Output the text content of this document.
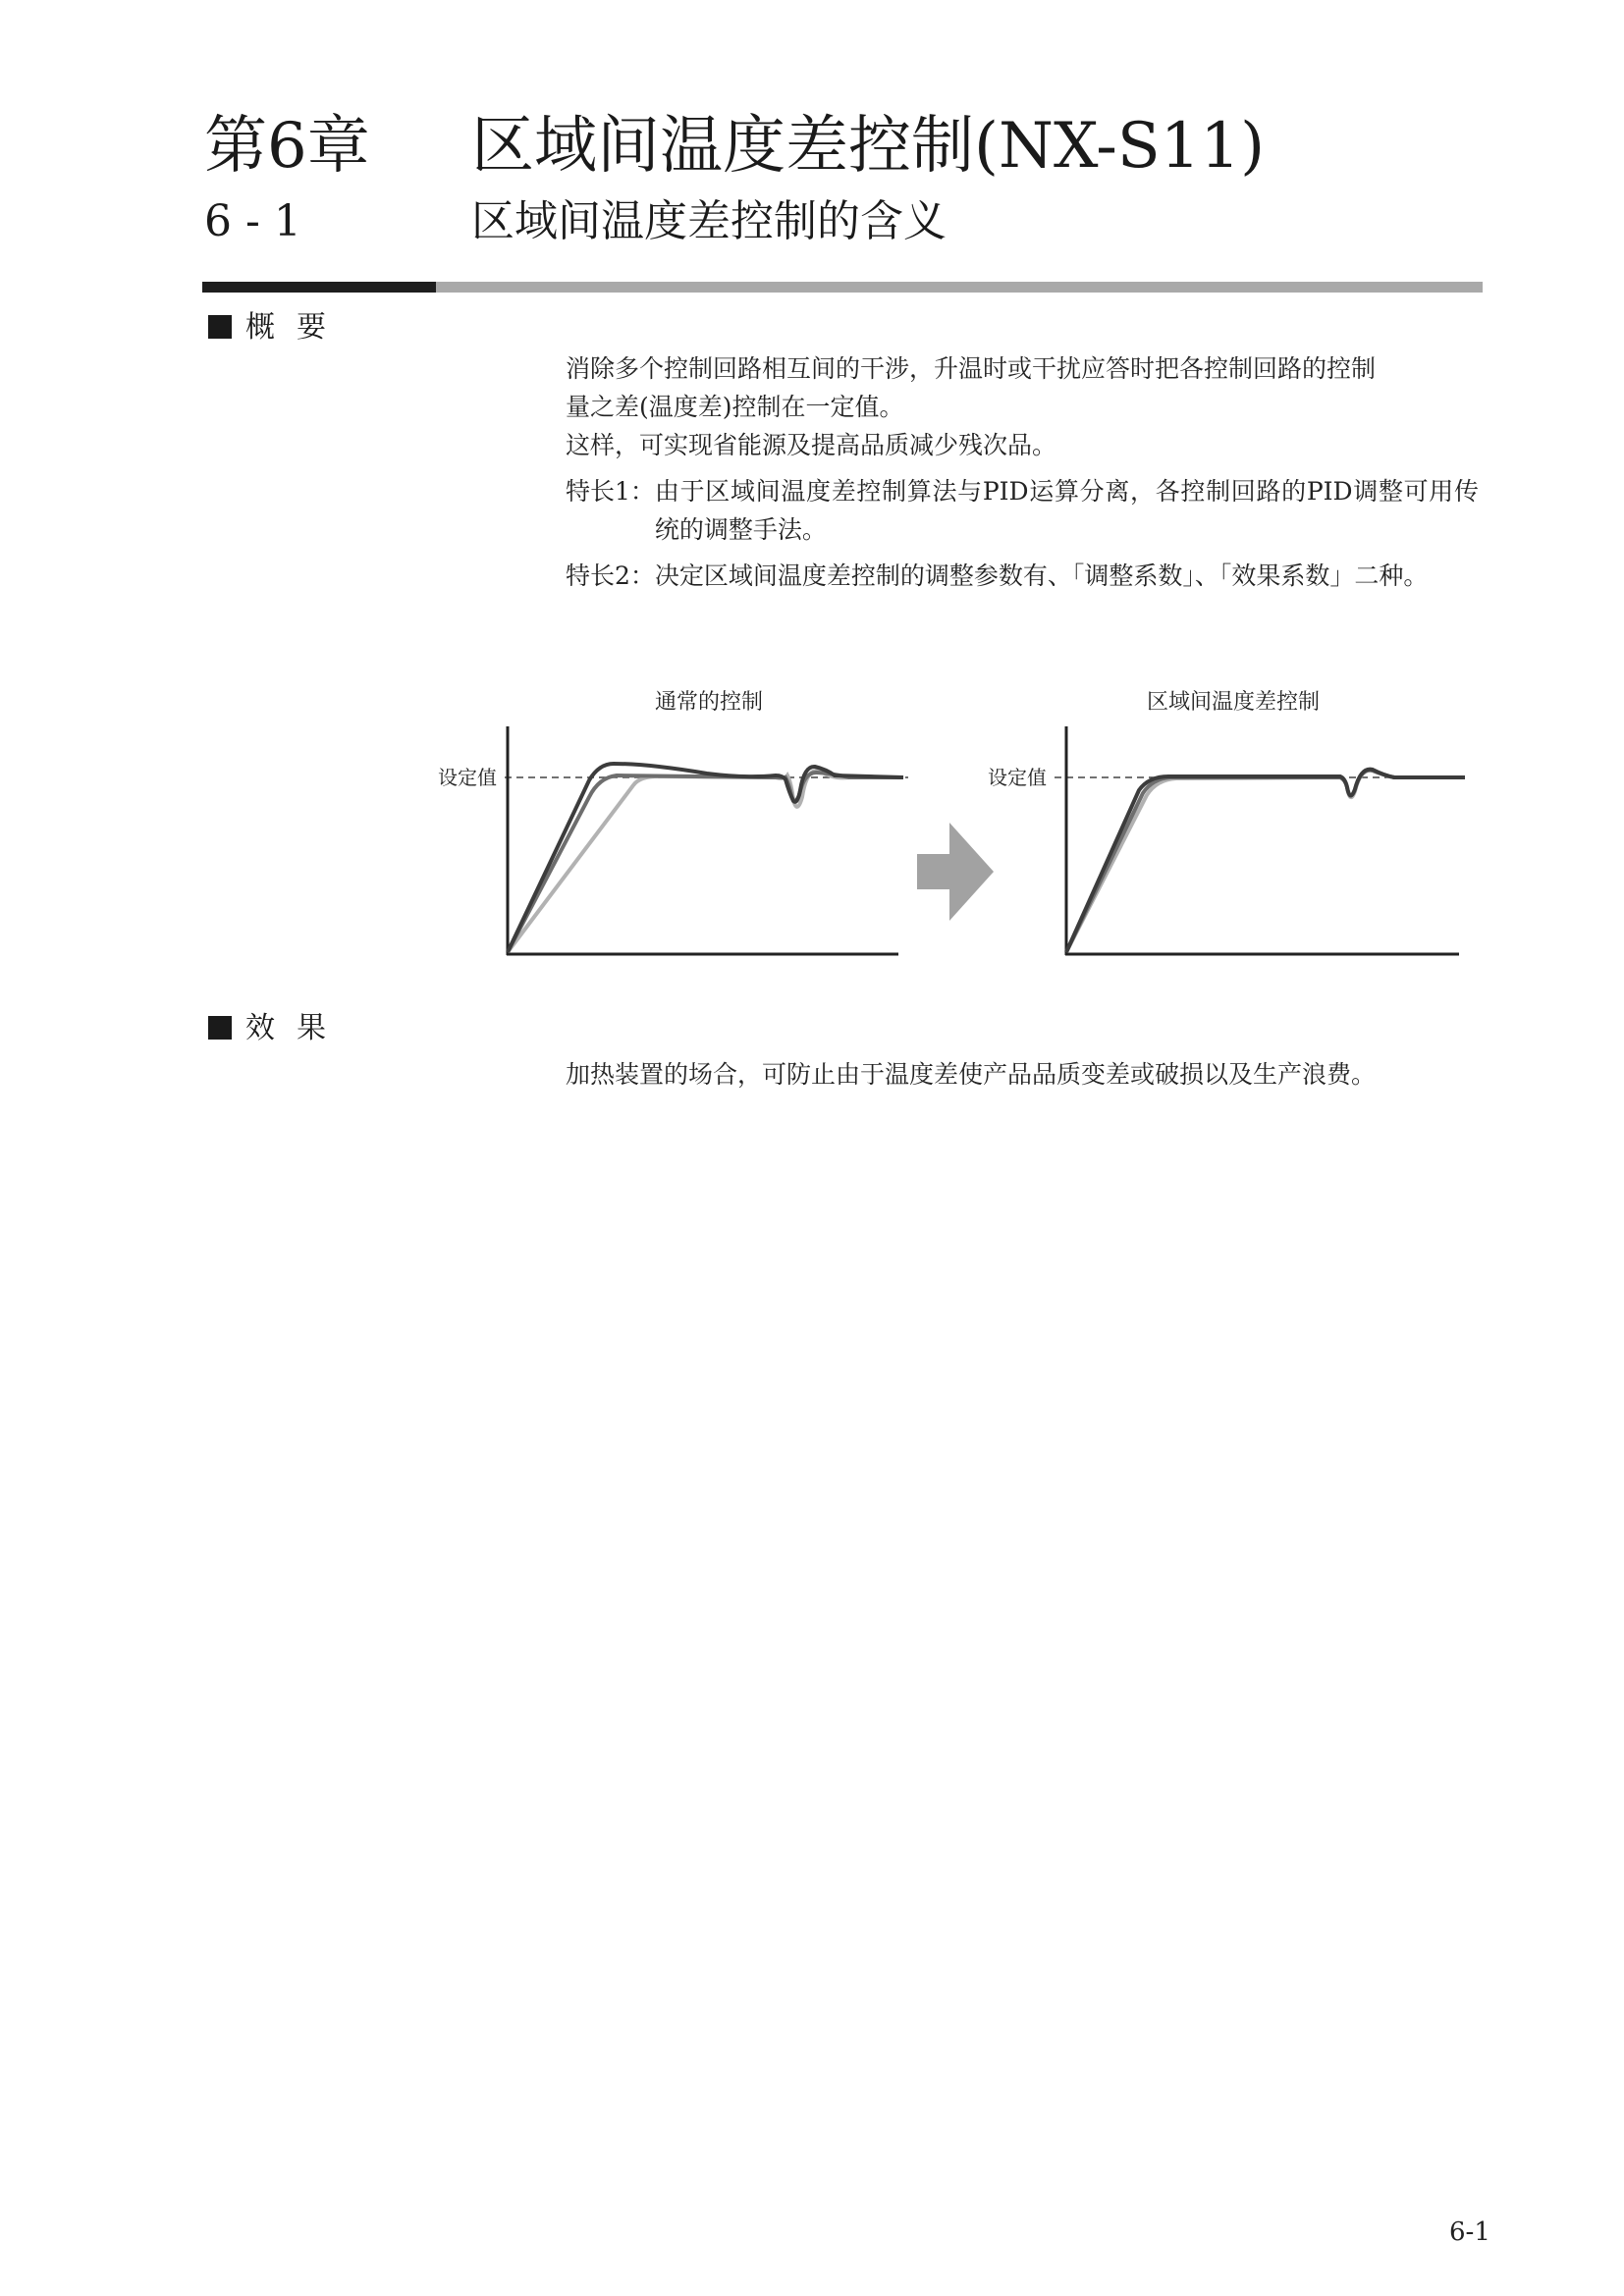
第6章 区域间温度差控制(NX-S11)
6 - 1	区域间温度差控制的含义
概要

消除多个控制回路相互间的干涉，升温时或干扰应答时把各控制回路的控制

量之差(温度差)控制在一定值。

这样，可实现省能源及提高品质减少残次品。

特长1： 由于区域间温度差控制算法与PID运算分离，各控制回路的PID调整可用传统的调整手法。
特长2： 决定区域间温度差控制的调整参数有、「调整系数」、「效果系数」二种。
通常的控制
设定值
区域间温度差控制
设定值
效果

加热装置的场合，可防止由于温度差使产品品质变差或破损以及生产浪费。

6-1
